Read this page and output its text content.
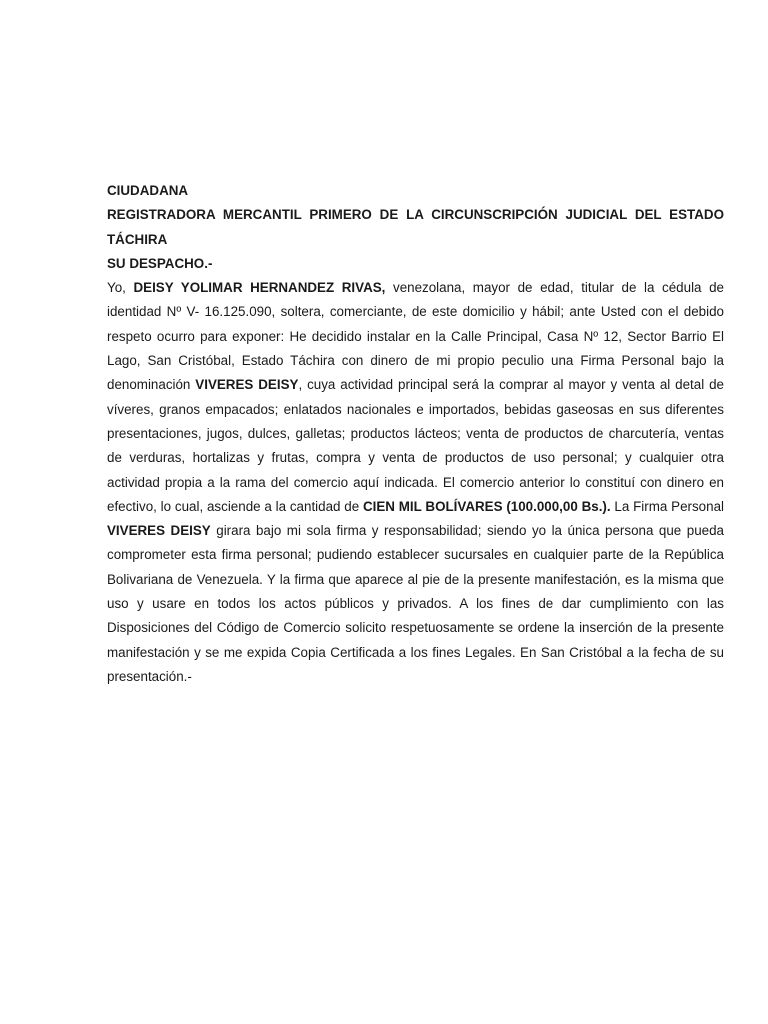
CIUDADANA
REGISTRADORA MERCANTIL PRIMERO DE LA CIRCUNSCRIPCIÓN JUDICIAL DEL ESTADO TÁCHIRA
SU DESPACHO.-
Yo, DEISY YOLIMAR HERNANDEZ RIVAS, venezolana, mayor de edad, titular de la cédula de identidad Nº V- 16.125.090, soltera, comerciante, de este domicilio y hábil; ante Usted con el debido respeto ocurro para exponer: He decidido instalar en la Calle Principal, Casa Nº 12, Sector Barrio El Lago, San Cristóbal, Estado Táchira con dinero de mi propio peculio una Firma Personal bajo la denominación VIVERES DEISY, cuya actividad principal será la comprar al mayor y venta al detal de víveres, granos empacados; enlatados nacionales e importados, bebidas gaseosas en sus diferentes presentaciones, jugos, dulces, galletas; productos lácteos; venta de productos de charcutería, ventas de verduras, hortalizas y frutas, compra y venta de productos de uso personal; y cualquier otra actividad propia a la rama del comercio aquí indicada. El comercio anterior lo constituí con dinero en efectivo, lo cual, asciende a la cantidad de CIEN MIL BOLÍVARES (100.000,00 Bs.). La Firma Personal VIVERES DEISY girara bajo mi sola firma y responsabilidad; siendo yo la única persona que pueda comprometer esta firma personal; pudiendo establecer sucursales en cualquier parte de la República Bolivariana de Venezuela. Y la firma que aparece al pie de la presente manifestación, es la misma que uso y usare en todos los actos públicos y privados. A los fines de dar cumplimiento con las Disposiciones del Código de Comercio solicito respetuosamente se ordene la inserción de la presente manifestación y se me expida Copia Certificada a los fines Legales. En San Cristóbal a la fecha de su presentación.-
